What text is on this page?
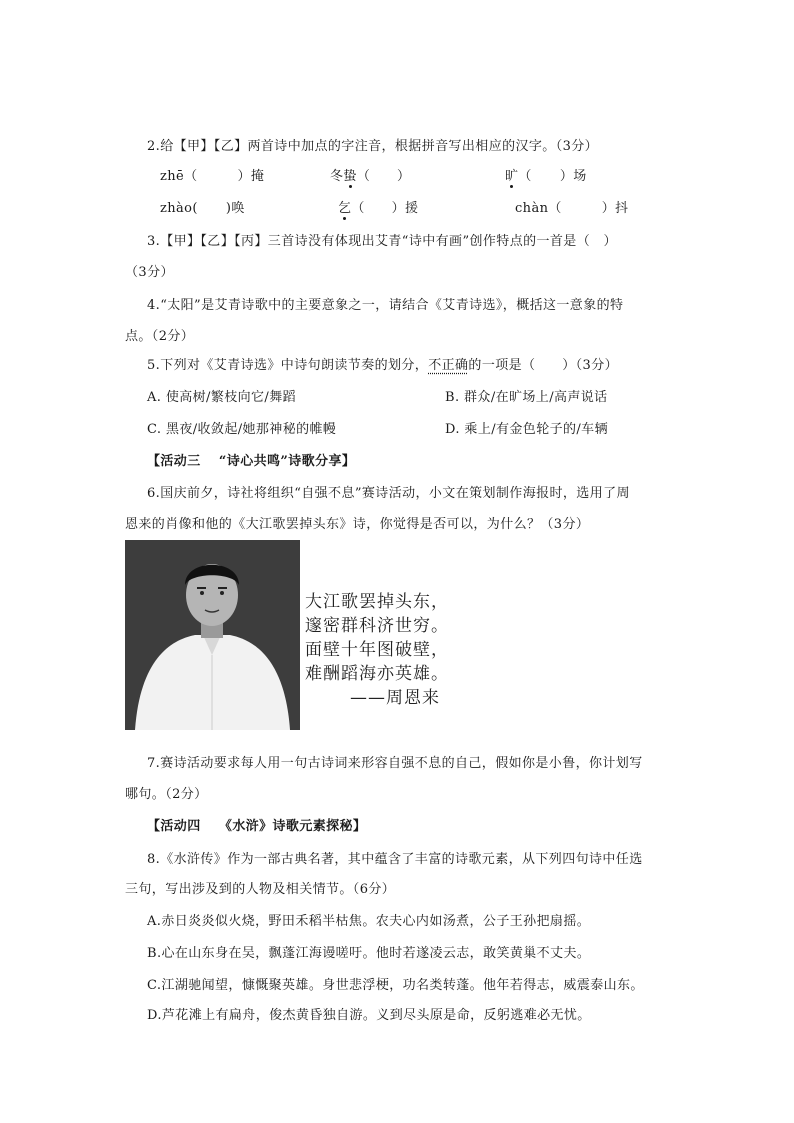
2.给【甲】【乙】两首诗中加点的字注音，根据拼音写出相应的汉字。（3分）
zhē（	）掩	冬蛰（　　）	旷（ ）场
zhào( )唤	乞（　　）援	chàn（	）抖
3.【甲】【乙】【丙】三首诗没有体现出艾青“诗中有画”创作特点的一首是（　）
（3分）
4.“太阳”是艾青诗歌中的主要意象之一，请结合《艾青诗选》，概括这一意象的特
点。（2分）
5.下列对《艾青诗选》中诗句朗读节奏的划分，不正确的一项是（　　）（3分）
A. 使高树/繁枝向它/舞蹈	B. 群众/在旷场上/高声说话
C. 黑夜/收敛起/她那神秘的帷幔	D. 乘上/有金色轮子的/车辆
【活动三　 “诗心共鸣”诗歌分享】
6.国庆前夕，诗社将组织“自强不息”赛诗活动，小文在策划制作海报时，选用了周
恩来的肖像和他的《大江歌罢掉头东》诗，你觉得是否可以，为什么？（3分）
大江歌罢掉头东，
邃密群科济世穷。
面壁十年图破壁，
难酬蹈海亦英雄。
——周恩来
7.赛诗活动要求每人用一句古诗词来形容自强不息的自己，假如你是小鲁，你计划写
哪句。（2分）
【活动四　 《水浒》诗歌元素探秘】
8.《水浒传》作为一部古典名著，其中蕴含了丰富的诗歌元素，从下列四句诗中任选
三句，写出涉及到的人物及相关情节。（6分）
A.赤日炎炎似火烧，野田禾稻半枯焦。农夫心内如汤煮，公子王孙把扇摇。
B.心在山东身在吴，飘蓬江海谩嗟吁。他时若遂凌云志，敢笑黄巢不丈夫。
C.江湖驰闻望，慷慨聚英雄。身世悲浮梗，功名类转蓬。他年若得志，威震泰山东。
D.芦花滩上有扁舟，俊杰黄昏独自游。义到尽头原是命，反躬逃难必无忧。
